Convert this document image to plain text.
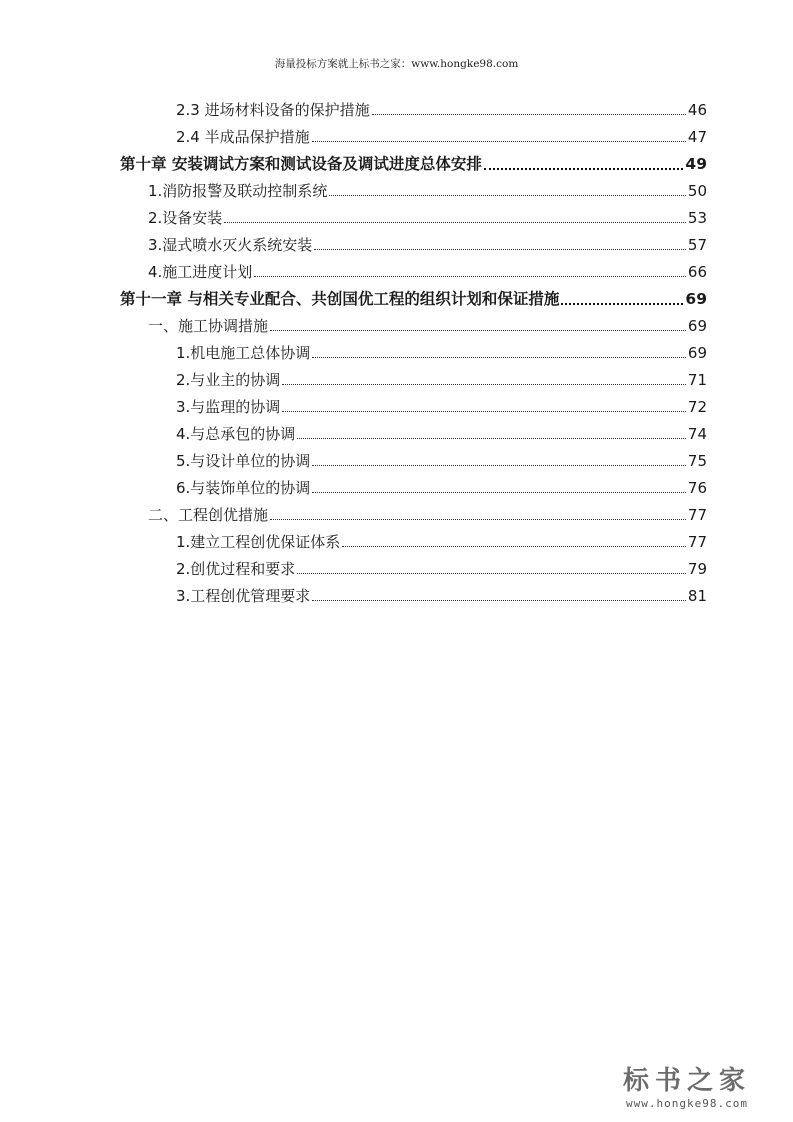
海量投标方案就上标书之家：www.hongke98.com
2.3 进场材料设备的保护措施	46
2.4 半成品保护措施	47
第十章 安装调试方案和测试设备及调试进度总体安排	49
1.消防报警及联动控制系统	50
2.设备安装	53
3.湿式喷水灭火系统安装	57
4.施工进度计划	66
第十一章 与相关专业配合、共创国优工程的组织计划和保证措施	69
一、施工协调措施	69
1.机电施工总体协调	69
2.与业主的协调	71
3.与监理的协调	72
4.与总承包的协调	74
5.与设计单位的协调	75
6.与装饰单位的协调	76
二、工程创优措施	77
1.建立工程创优保证体系	77
2.创优过程和要求	79
3.工程创优管理要求	81
标书之家
www.hongke98.com
